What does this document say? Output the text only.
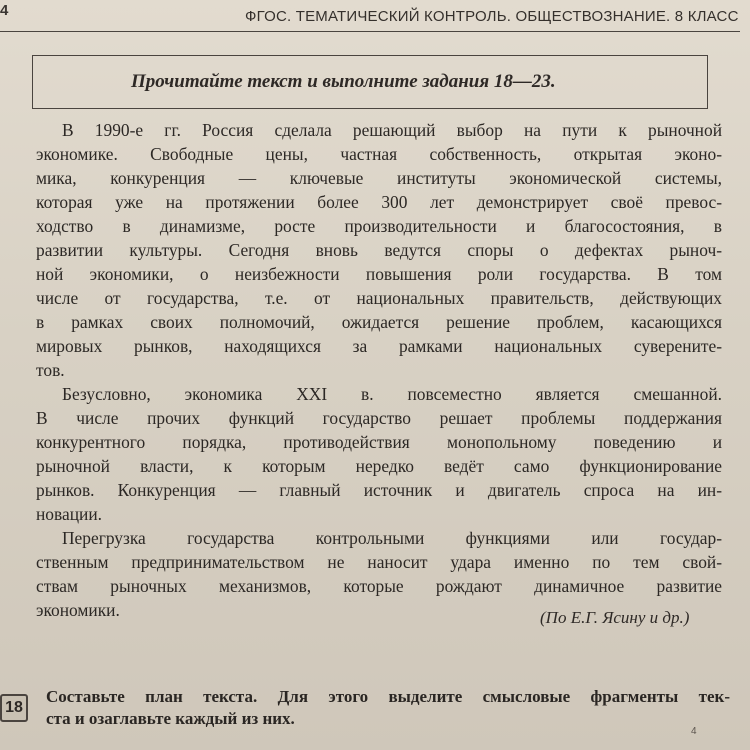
4	ФГОС. ТЕМАТИЧЕСКИЙ КОНТРОЛЬ. ОБЩЕСТВОЗНАНИЕ. 8 КЛАСС
Прочитайте текст и выполните задания 18—23.
В 1990-е гг. Россия сделала решающий выбор на пути к рыночной
экономике. Свободные цены, частная собственность, открытая эконо-
мика, конкуренция — ключевые институты экономической системы,
которая уже на протяжении более 300 лет демонстрирует своё превос-
ходство в динамизме, росте производительности и благосостояния, в
развитии культуры. Сегодня вновь ведутся споры о дефектах рыноч-
ной экономики, о неизбежности повышения роли государства. В том
числе от государства, т.е. от национальных правительств, действующих
в рамках своих полномочий, ожидается решение проблем, касающихся
мировых рынков, находящихся за рамками национальных суверените-
тов.
Безусловно, экономика XXI в. повсеместно является смешанной.
В числе прочих функций государство решает проблемы поддержания
конкурентного порядка, противодействия монопольному поведению и
рыночной власти, к которым нередко ведёт само функционирование
рынков. Конкуренция — главный источник и двигатель спроса на ин-
новации.
Перегрузка государства контрольными функциями или государ-
ственным предпринимательством не наносит удара именно по тем свой-
ствам рыночных механизмов, которые рождают динамичное развитие
экономики.	(По Е.Г. Ясину и др.)
18
Составьте план текста. Для этого выделите смысловые фрагменты тек-
ста и озаглавьте каждый из них.
4
